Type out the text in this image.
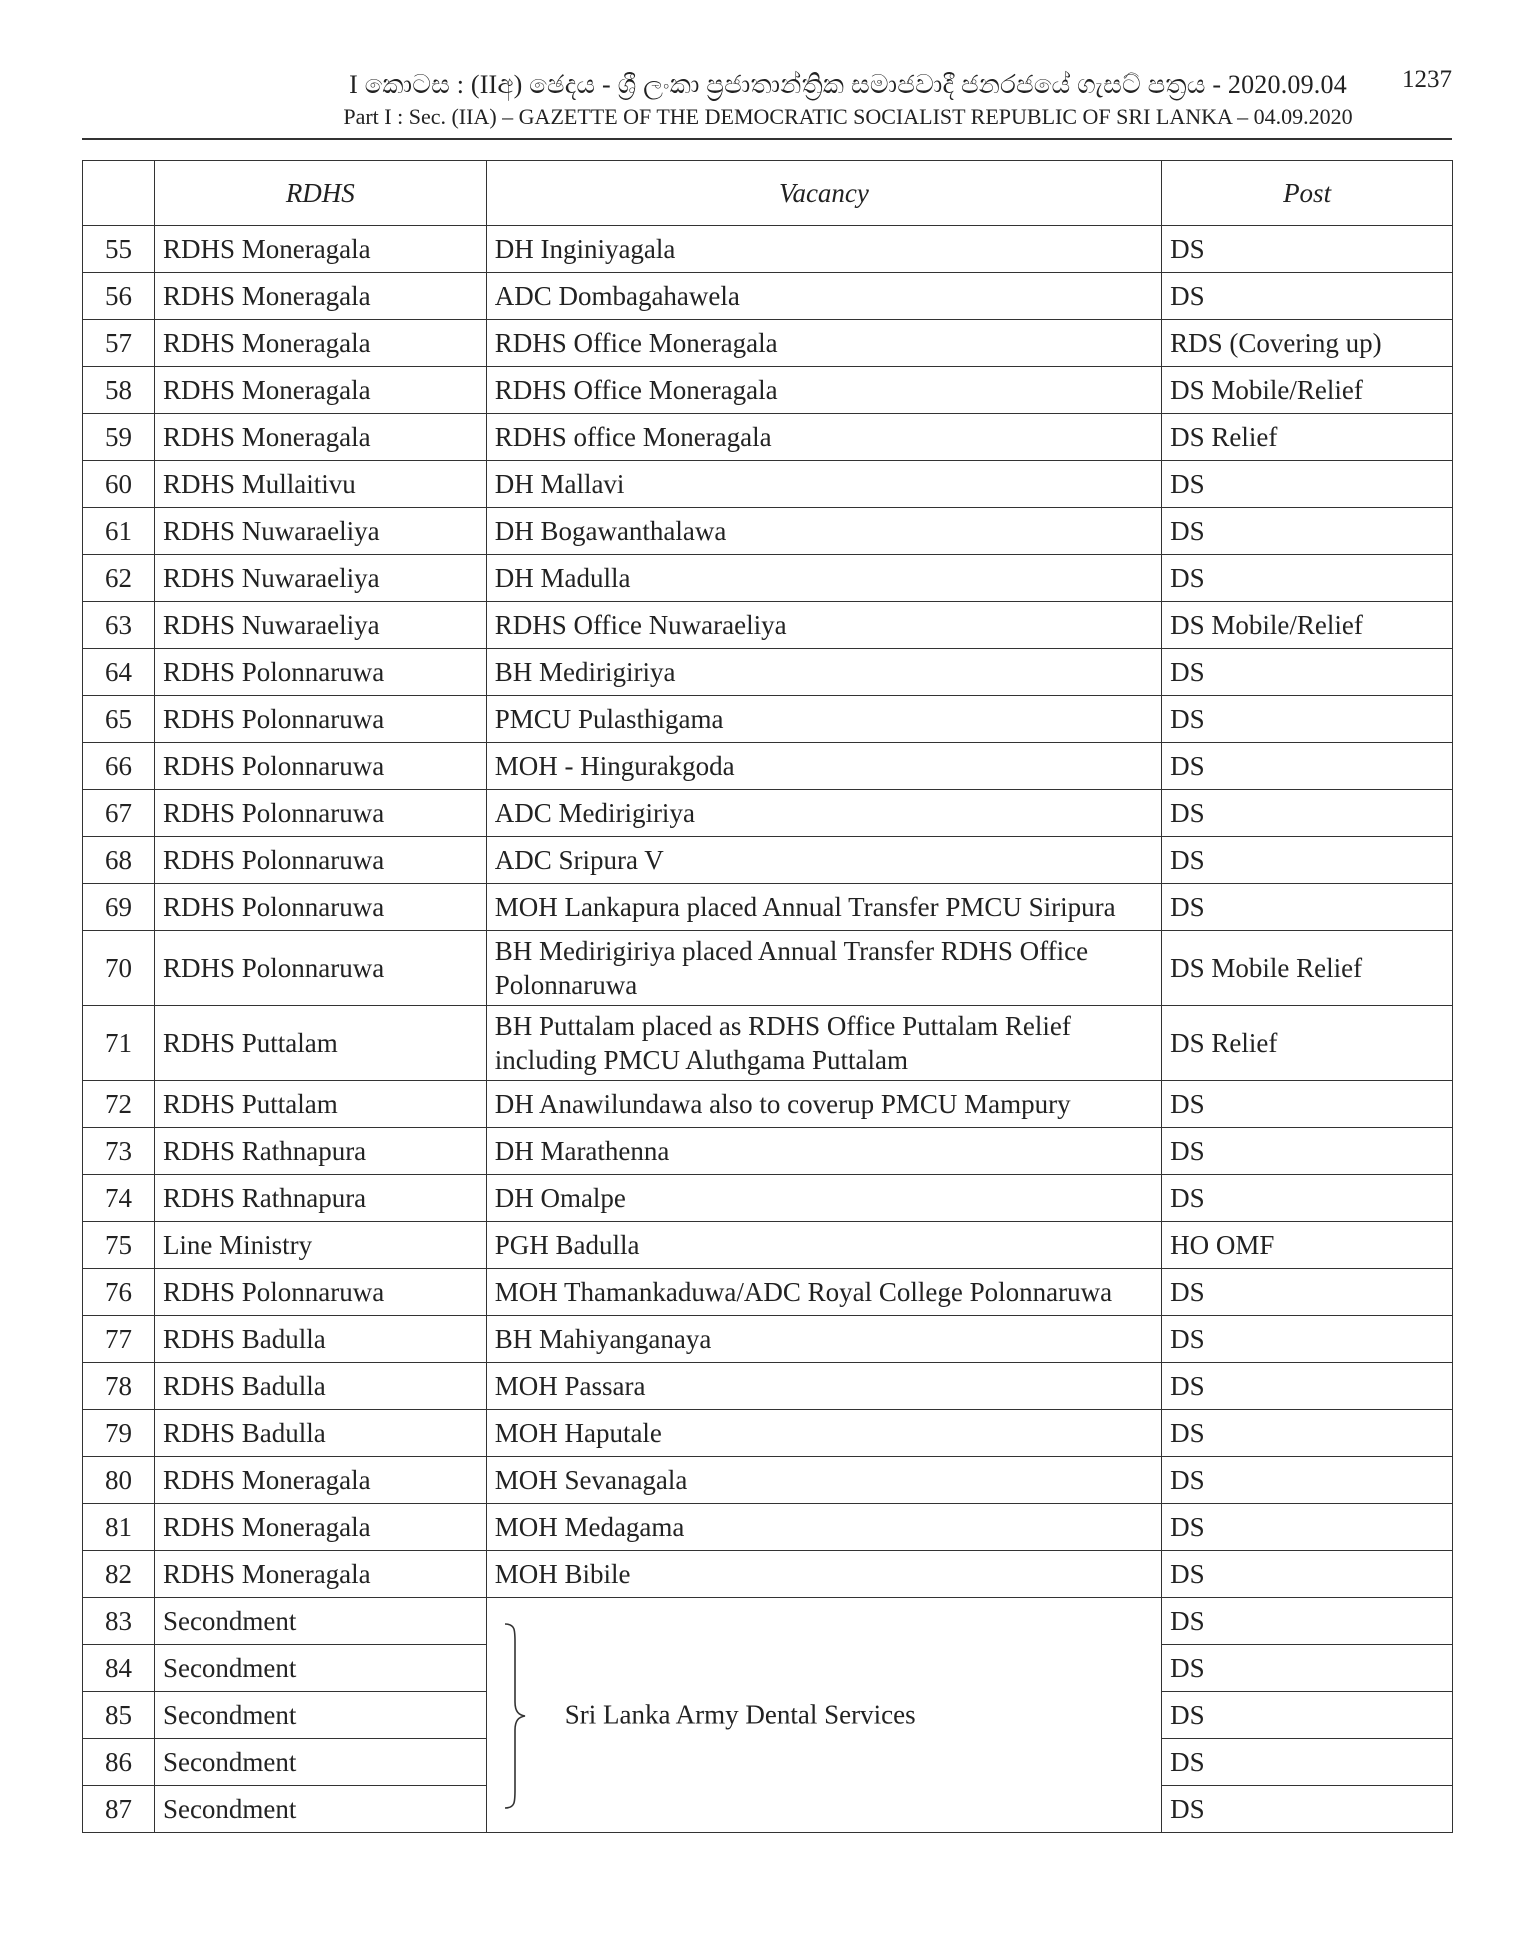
I කොටස : (IIඅ) ඡෙදය - ශ්‍රී ලංකා ප්‍රජාතාන්ත්‍රික සමාජවාදී ජනරජයේ ගැසට් පත්‍රය - 2020.09.04	1237
Part I : Sec. (IIA) – GAZETTE OF THE DEMOCRATIC SOCIALIST REPUBLIC OF SRI LANKA – 04.09.2020
	RDHS	Vacancy	Post
55	RDHS Moneragala	DH Inginiyagala	DS
56	RDHS Moneragala	ADC Dombagahawela	DS
57	RDHS Moneragala	RDHS Office Moneragala	RDS (Covering up)
58	RDHS Moneragala	RDHS Office Moneragala	DS Mobile/Relief
59	RDHS Moneragala	RDHS office Moneragala	DS Relief
60	RDHS Mullaitivu	DH Mallavi	DS
61	RDHS Nuwaraeliya	DH Bogawanthalawa	DS
62	RDHS Nuwaraeliya	DH Madulla	DS
63	RDHS Nuwaraeliya	RDHS Office Nuwaraeliya	DS Mobile/Relief
64	RDHS Polonnaruwa	BH Medirigiriya	DS
65	RDHS Polonnaruwa	PMCU Pulasthigama	DS
66	RDHS Polonnaruwa	MOH - Hingurakgoda	DS
67	RDHS Polonnaruwa	ADC Medirigiriya	DS
68	RDHS Polonnaruwa	ADC Sripura V	DS
69	RDHS Polonnaruwa	MOH Lankapura placed Annual Transfer PMCU Siripura	DS
70	RDHS Polonnaruwa	BH Medirigiriya placed Annual Transfer RDHS Office Polonnaruwa	DS Mobile Relief
71	RDHS Puttalam	BH Puttalam placed as RDHS Office Puttalam Relief including PMCU Aluthgama Puttalam	DS Relief
72	RDHS Puttalam	DH Anawilundawa also to coverup PMCU Mampury	DS
73	RDHS Rathnapura	DH Marathenna	DS
74	RDHS Rathnapura	DH Omalpe	DS
75	Line Ministry	PGH Badulla	HO OMF
76	RDHS Polonnaruwa	MOH Thamankaduwa/ADC Royal College Polonnaruwa	DS
77	RDHS Badulla	BH Mahiyanganaya	DS
78	RDHS Badulla	MOH Passara	DS
79	RDHS Badulla	MOH Haputale	DS
80	RDHS Moneragala	MOH Sevanagala	DS
81	RDHS Moneragala	MOH Medagama	DS
82	RDHS Moneragala	MOH Bibile	DS
83	Secondment	Sri Lanka Army Dental Services	DS
84	Secondment		DS
85	Secondment		DS
86	Secondment		DS
87	Secondment		DS
